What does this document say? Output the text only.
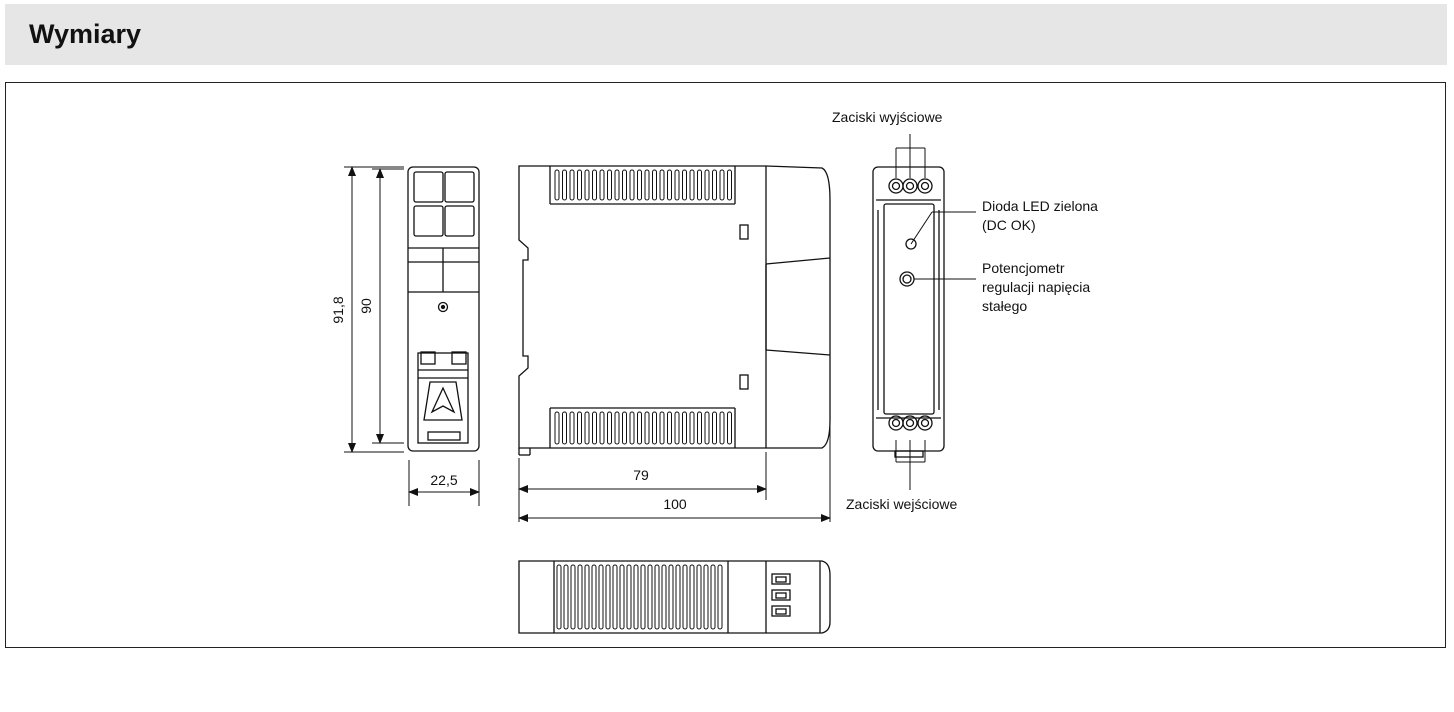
Wymiary
91,8 90
22,5	79
100
Zaciski wyjściowe
Zaciski wejściowe
Dioda LED zielona
(DC OK)
Potencjometr
regulacji napięcia
stałego
